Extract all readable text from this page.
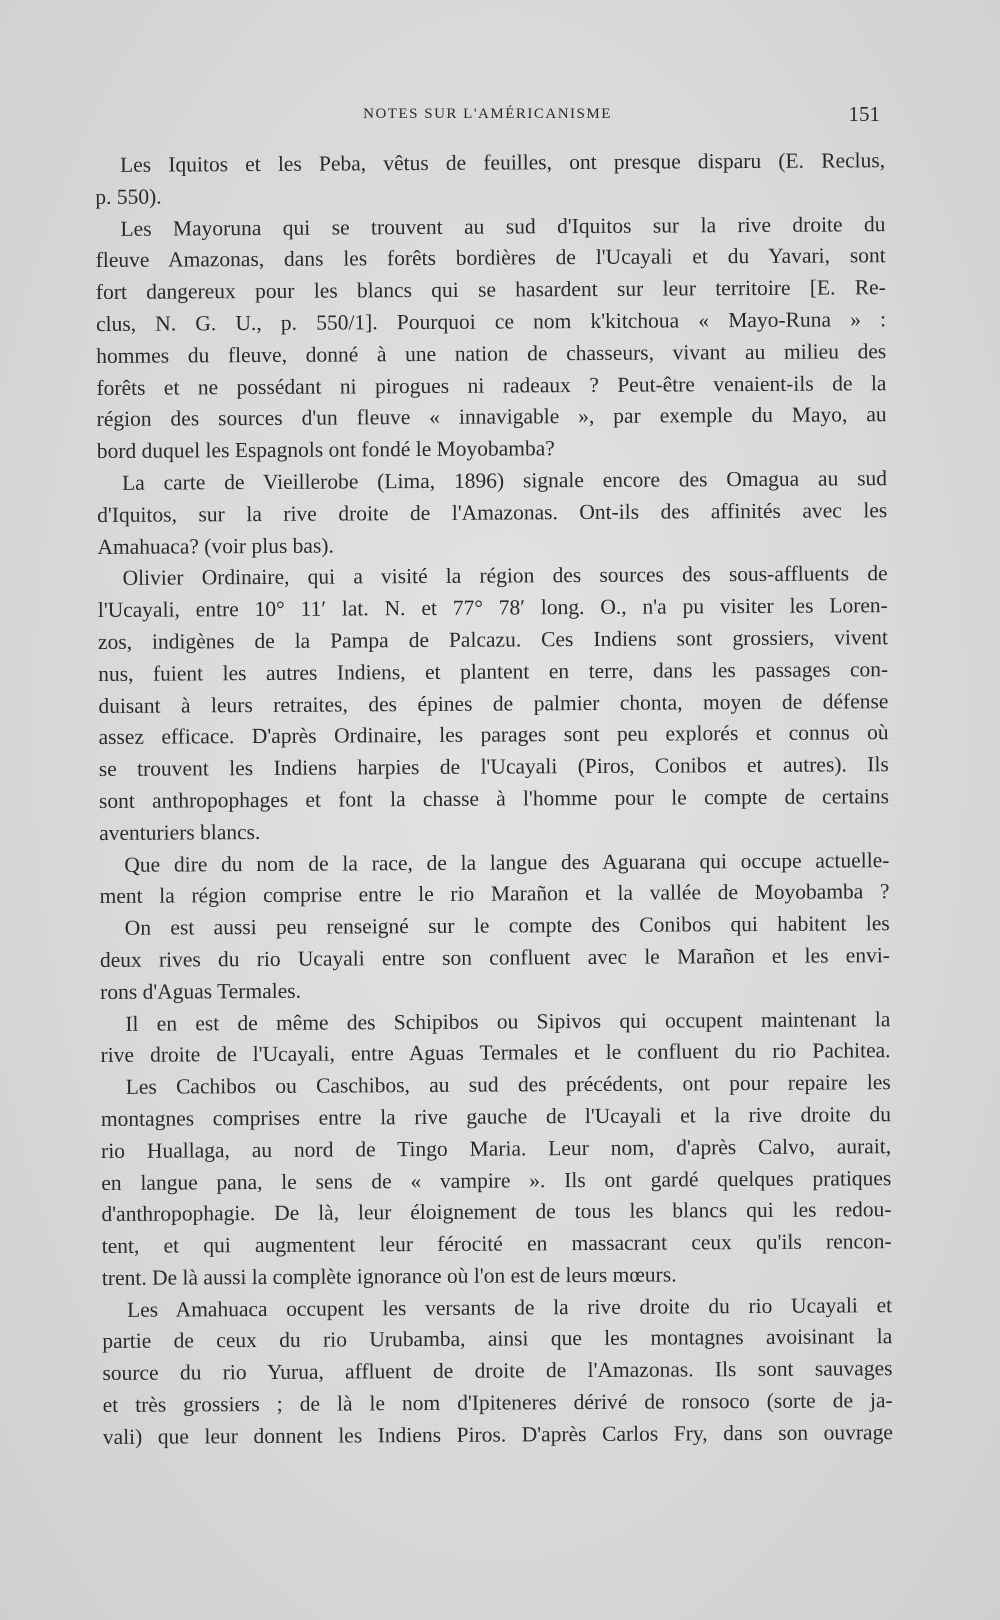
NOTES SUR L'AMÉRICANISME	151
Les Iquitos et les Peba, vêtus de feuilles, ont presque disparu (E. Reclus,
p. 550).
Les Mayoruna qui se trouvent au sud d'Iquitos sur la rive droite du
fleuve Amazonas, dans les forêts bordières de l'Ucayali et du Yavari, sont
fort dangereux pour les blancs qui se hasardent sur leur territoire [E. Re-
clus, N. G. U., p. 550/1]. Pourquoi ce nom k'kitchoua « Mayo-Runa » :
hommes du fleuve, donné à une nation de chasseurs, vivant au milieu des
forêts et ne possédant ni pirogues ni radeaux ? Peut-être venaient-ils de la
région des sources d'un fleuve « innavigable », par exemple du Mayo, au
bord duquel les Espagnols ont fondé le Moyobamba?
La carte de Vieillerobe (Lima, 1896) signale encore des Omagua au sud
d'Iquitos, sur la rive droite de l'Amazonas. Ont-ils des affinités avec les
Amahuaca? (voir plus bas).
Olivier Ordinaire, qui a visité la région des sources des sous-affluents de
l'Ucayali, entre 10° 11′ lat. N. et 77° 78′ long. O., n'a pu visiter les Loren-
zos, indigènes de la Pampa de Palcazu. Ces Indiens sont grossiers, vivent
nus, fuient les autres Indiens, et plantent en terre, dans les passages con-
duisant à leurs retraites, des épines de palmier chonta, moyen de défense
assez efficace. D'après Ordinaire, les parages sont peu explorés et connus où
se trouvent les Indiens harpies de l'Ucayali (Piros, Conibos et autres). Ils
sont anthropophages et font la chasse à l'homme pour le compte de certains
aventuriers blancs.
Que dire du nom de la race, de la langue des Aguarana qui occupe actuelle-
ment la région comprise entre le rio Marañon et la vallée de Moyobamba ?
On est aussi peu renseigné sur le compte des Conibos qui habitent les
deux rives du rio Ucayali entre son confluent avec le Marañon et les envi-
rons d'Aguas Termales.
Il en est de même des Schipibos ou Sipivos qui occupent maintenant la
rive droite de l'Ucayali, entre Aguas Termales et le confluent du rio Pachitea.
Les Cachibos ou Caschibos, au sud des précédents, ont pour repaire les
montagnes comprises entre la rive gauche de l'Ucayali et la rive droite du
rio Huallaga, au nord de Tingo Maria. Leur nom, d'après Calvo, aurait,
en langue pana, le sens de « vampire ». Ils ont gardé quelques pratiques
d'anthropophagie. De là, leur éloignement de tous les blancs qui les redou-
tent, et qui augmentent leur férocité en massacrant ceux qu'ils rencon-
trent. De là aussi la complète ignorance où l'on est de leurs mœurs.
Les Amahuaca occupent les versants de la rive droite du rio Ucayali et
partie de ceux du rio Urubamba, ainsi que les montagnes avoisinant la
source du rio Yurua, affluent de droite de l'Amazonas. Ils sont sauvages
et très grossiers ; de là le nom d'Ipiteneres dérivé de ronsoco (sorte de ja-
vali) que leur donnent les Indiens Piros. D'après Carlos Fry, dans son ouvrage
